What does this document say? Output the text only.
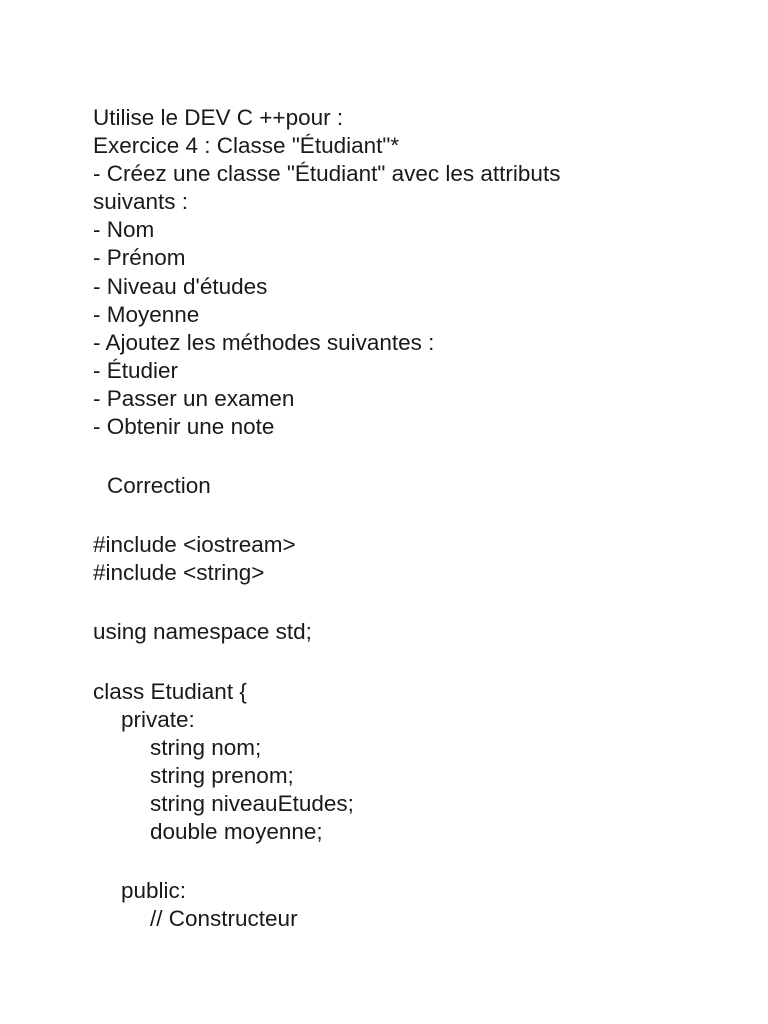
Utilise le DEV C ++pour :
Exercice 4 : Classe "Étudiant"*
- Créez une classe "Étudiant" avec les attributs
suivants :
- Nom
- Prénom
- Niveau d'études
- Moyenne
- Ajoutez les méthodes suivantes :
- Étudier
- Passer un examen
- Obtenir une note
Correction
#include <iostream>
#include <string>
using namespace std;
class Etudiant {
private:
string nom;
string prenom;
string niveauEtudes;
double moyenne;
public:
// Constructeur
